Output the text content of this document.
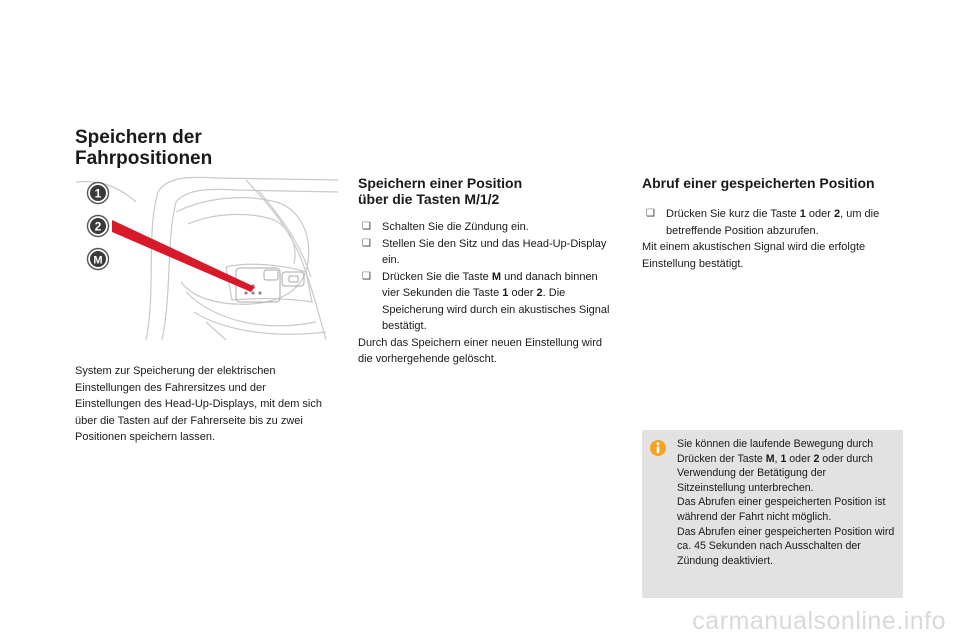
Speichern der
Fahrpositionen
1
2
M

System zur Speicherung der elektrischen Einstellungen des Fahrersitzes und der Einstellungen des Head-Up-Displays, mit dem sich über die Tasten auf der Fahrerseite bis zu zwei Positionen speichern lassen.

Speichern einer Position
über die Tasten M/1/2
❑ Schalten Sie die Zündung ein.
❑ Stellen Sie den Sitz und das Head-Up-Display ein.
❑ Drücken Sie die Taste M und danach binnen vier Sekunden die Taste 1 oder 2. Die Speicherung wird durch ein akustisches Signal bestätigt.

Durch das Speichern einer neuen Einstellung wird die vorhergehende gelöscht.

Abruf einer gespeicherten Position
❑ Drücken Sie kurz die Taste 1 oder 2, um die betreffende Position abzurufen.

Mit einem akustischen Signal wird die erfolgte Einstellung bestätigt.

Sie können die laufende Bewegung durch Drücken der Taste M, 1 oder 2 oder durch Verwendung der Betätigung der Sitzeinstellung unterbrechen.

Das Abrufen einer gespeicherten Position ist während der Fahrt nicht möglich.

Das Abrufen einer gespeicherten Position wird ca. 45 Sekunden nach Ausschalten der Zündung deaktiviert.

carmanualsonline.info
